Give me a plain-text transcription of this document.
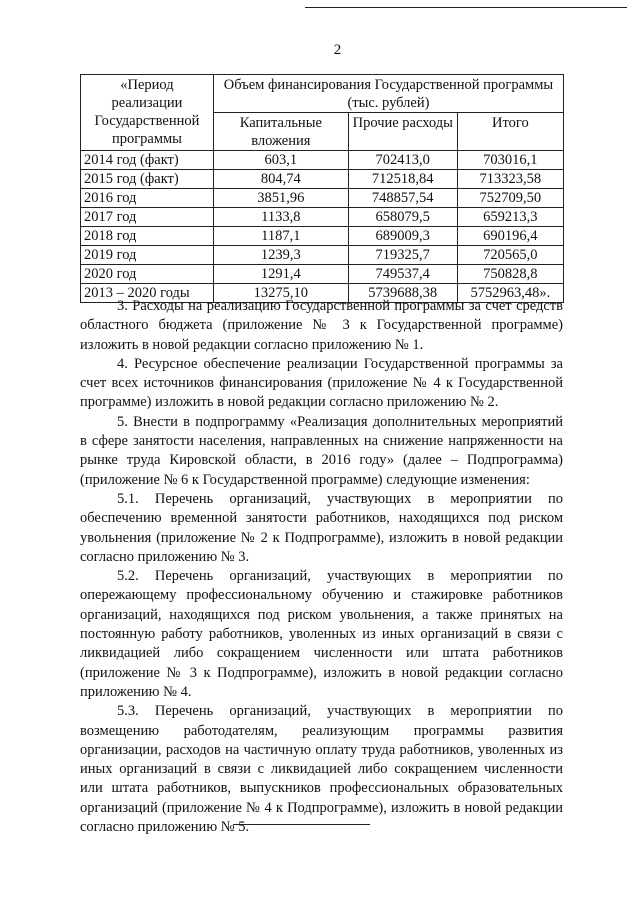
2
«Период реализации Государственной программы	Объем финансирования Государственной программы (тыс. рублей)		
	Капитальные вложения	Прочие расходы	Итого
2014 год (факт)	603,1	702413,0	703016,1
2015 год (факт)	804,74	712518,84	713323,58
2016 год	3851,96	748857,54	752709,50
2017 год	1133,8	658079,5	659213,3
2018 год	1187,1	689009,3	690196,4
2019 год	1239,3	719325,7	720565,0
2020 год	1291,4	749537,4	750828,8
2013 – 2020 годы	13275,10	5739688,38	5752963,48».

3. Расходы на реализацию Государственной программы за счет средств областного бюджета (приложение № 3 к Государственной программе) изложить в новой редакции согласно приложению № 1.

4. Ресурсное обеспечение реализации Государственной программы за счет всех источников финансирования (приложение № 4 к Государственной программе) изложить в новой редакции согласно приложению № 2.

5. Внести в подпрограмму «Реализация дополнительных мероприятий в сфере занятости населения, направленных на снижение напряженности на рынке труда Кировской области, в 2016 году» (далее – Подпрограмма) (приложение № 6 к Государственной программе) следующие изменения:

5.1. Перечень организаций, участвующих в мероприятии по обеспечению временной занятости работников, находящихся под риском увольнения (приложение № 2 к Подпрограмме), изложить в новой редакции согласно приложению № 3.

5.2. Перечень организаций, участвующих в мероприятии по опережающему профессиональному обучению и стажировке работников организаций, находящихся под риском увольнения, а также принятых на постоянную работу работников, уволенных из иных организаций в связи с ликвидацией либо сокращением численности или штата работников (приложение № 3 к Подпрограмме), изложить в новой редакции согласно приложению № 4.

5.3. Перечень организаций, участвующих в мероприятии по возмещению работодателям, реализующим программы развития организации, расходов на частичную оплату труда работников, уволенных из иных организаций в связи с ликвидацией либо сокращением численности или штата работников, выпускников профессиональных образовательных организаций (приложение № 4 к Подпрограмме), изложить в новой редакции согласно приложению № 5.
